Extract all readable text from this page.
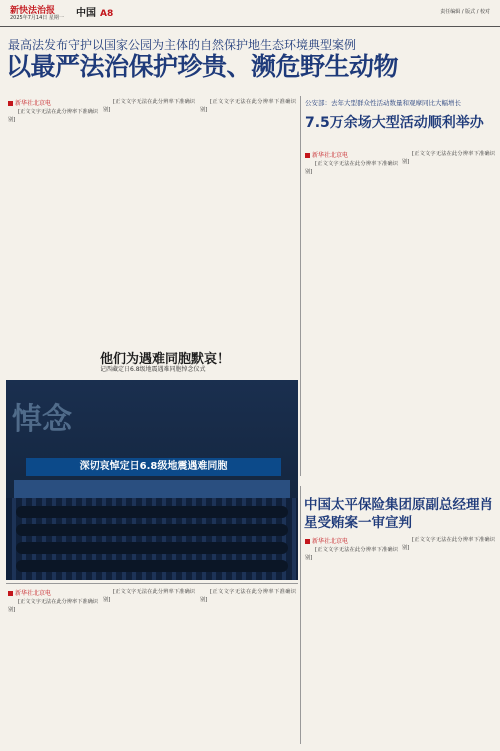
新快法治报
2025年7月14日 星期一 中国 A8	责任编辑 / 版式 / 校对
最高法发布守护以国家公园为主体的自然保护地生态环境典型案例
以最严法治保护珍贵、濒危野生动物
新华社北京电

[正文文字无法在此分辨率下准确识别]

[正文文字无法在此分辨率下准确识别]

[正文文字无法在此分辨率下准确识别]

公安部：去年大型群众性活动数量和观摩同比大幅增长
7.5万余场大型活动顺利举办
新华社北京电

[正文文字无法在此分辨率下准确识别]

[正文文字无法在此分辨率下准确识别]

他们为遇难同胞默哀！
记西藏定日6.8级地震遇难同胞悼念仪式
悼念
深切哀悼定日6.8级地震遇难同胞
新华社北京电

[正文文字无法在此分辨率下准确识别]

[正文文字无法在此分辨率下准确识别]

[正文文字无法在此分辨率下准确识别]

中国太平保险集团原副总经理肖星受贿案一审宣判
新华社北京电

[正文文字无法在此分辨率下准确识别]

[正文文字无法在此分辨率下准确识别]
